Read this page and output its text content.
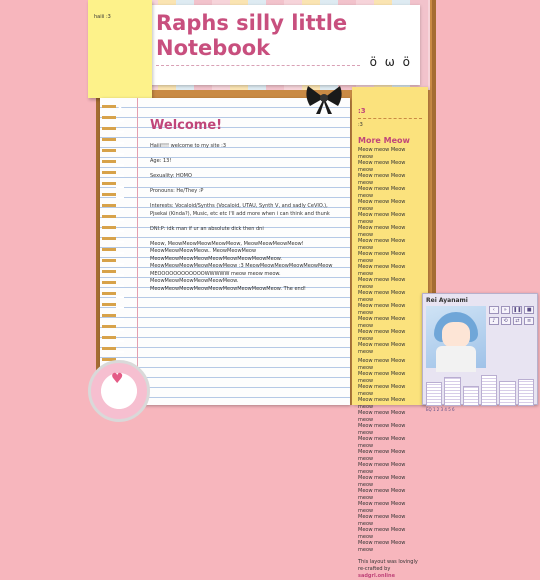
Raphs silly little Notebook
ö ω ö
haiii :3
Welcome!

Haiii!!!! welcome to my site :3

Age: 13!

Sexuality: HOMO

Pronouns: He/They :P

Interests: Vocaloid/Synths (Vocaloid, UTAU, Synth V, and sadly CeVIO.), Pjsekai (Kinda?), Music, etc etc I'll add more when i can think and thunk

DNI:P: idk man if ur an absolute dick then dni

Meow, MeowMeowMeowMeowMeow, MeowMeowMeowMeow!

MeowMeowMeowMeow.. MeowMeowMeow

MeowMeowMeowMeowMeowMeowMeowMeowMeow.

MeowMeowMeowMeowMeowMeow :3 MeowMeowMeowMeowMeowMeow

MEOOOOOOOOOOOOWWWWW meow meow meow.

MeowMeowMeowMeowMeowMeow.

MeowMeowMeowMeowMeowMeowMeowMeowMeow. The end!

:3
:3
More Meow
Meow meow Meow meow
Meow meow Meow meow
Meow meow Meow meow
Meow meow Meow meow
Meow meow Meow meow
Meow meow Meow meow
Meow meow Meow meow
Meow meow Meow meow
Meow meow Meow meow
Meow meow Meow meow
Meow meow Meow meow
Meow meow Meow meow
Meow meow Meow meow
Meow meow Meow meow
Meow meow Meow meow
Meow meow Meow meow
Meow meow Meow meow
Meow meow Meow meow
Meow meow Meow meow
Meow meow Meow meow
Meow meow Meow meow
Meow meow Meow meow
Meow meow Meow meow
Meow meow Meow meow
Meow meow Meow meow
Meow meow Meow meow
Meow meow Meow meow
Meow meow Meow meow
Meow meow Meow meow
Meow meow Meow meow
Meow meow Meow meow
This layout was lovingly re-crafted by sadgrl.online
Rei Ayanami
‹	»	❚❚	■
♪	⟲	⇄	≡
EQ 1 2 3 4 5 6
♥
